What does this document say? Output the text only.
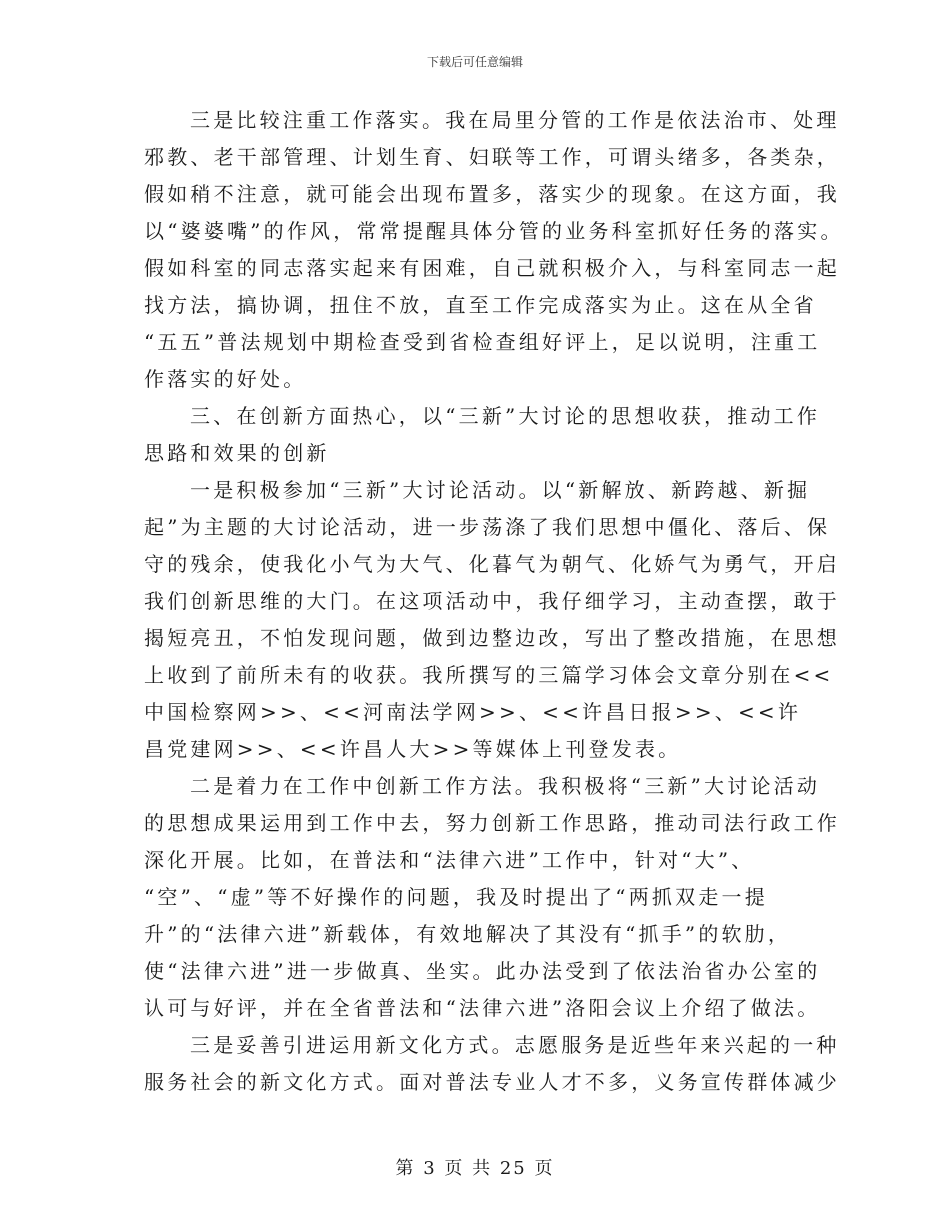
下载后可任意编辑
三是比较注重工作落实。我在局里分管的工作是依法治市、处理
邪教、老干部管理、计划生育、妇联等工作，可谓头绪多，各类杂，
假如稍不注意，就可能会出现布置多，落实少的现象。在这方面，我
以“婆婆嘴”的作风，常常提醒具体分管的业务科室抓好任务的落实。
假如科室的同志落实起来有困难，自己就积极介入，与科室同志一起
找方法，搞协调，扭住不放，直至工作完成落实为止。这在从全省
“五五”普法规划中期检查受到省检查组好评上，足以说明，注重工
作落实的好处。
三、在创新方面热心，以“三新”大讨论的思想收获，推动工作
思路和效果的创新
一是积极参加“三新”大讨论活动。以“新解放、新跨越、新掘
起”为主题的大讨论活动，进一步荡涤了我们思想中僵化、落后、保
守的残余，使我化小气为大气、化暮气为朝气、化娇气为勇气，开启
我们创新思维的大门。在这项活动中，我仔细学习，主动查摆，敢于
揭短亮丑，不怕发现问题，做到边整边改，写出了整改措施，在思想
上收到了前所未有的收获。我所撰写的三篇学习体会文章分别在<<
中国检察网>>、<<河南法学网>>、<<许昌日报>>、<<许
昌党建网>>、<<许昌人大>>等媒体上刊登发表。
二是着力在工作中创新工作方法。我积极将“三新”大讨论活动
的思想成果运用到工作中去，努力创新工作思路，推动司法行政工作
深化开展。比如，在普法和“法律六进”工作中，针对“大”、
“空”、“虚”等不好操作的问题，我及时提出了“两抓双走一提
升”的“法律六进”新载体，有效地解决了其没有“抓手”的软肋，
使“法律六进”进一步做真、坐实。此办法受到了依法治省办公室的
认可与好评，并在全省普法和“法律六进”洛阳会议上介绍了做法。
三是妥善引进运用新文化方式。志愿服务是近些年来兴起的一种
服务社会的新文化方式。面对普法专业人才不多，义务宣传群体减少
第 3 页 共 25 页
